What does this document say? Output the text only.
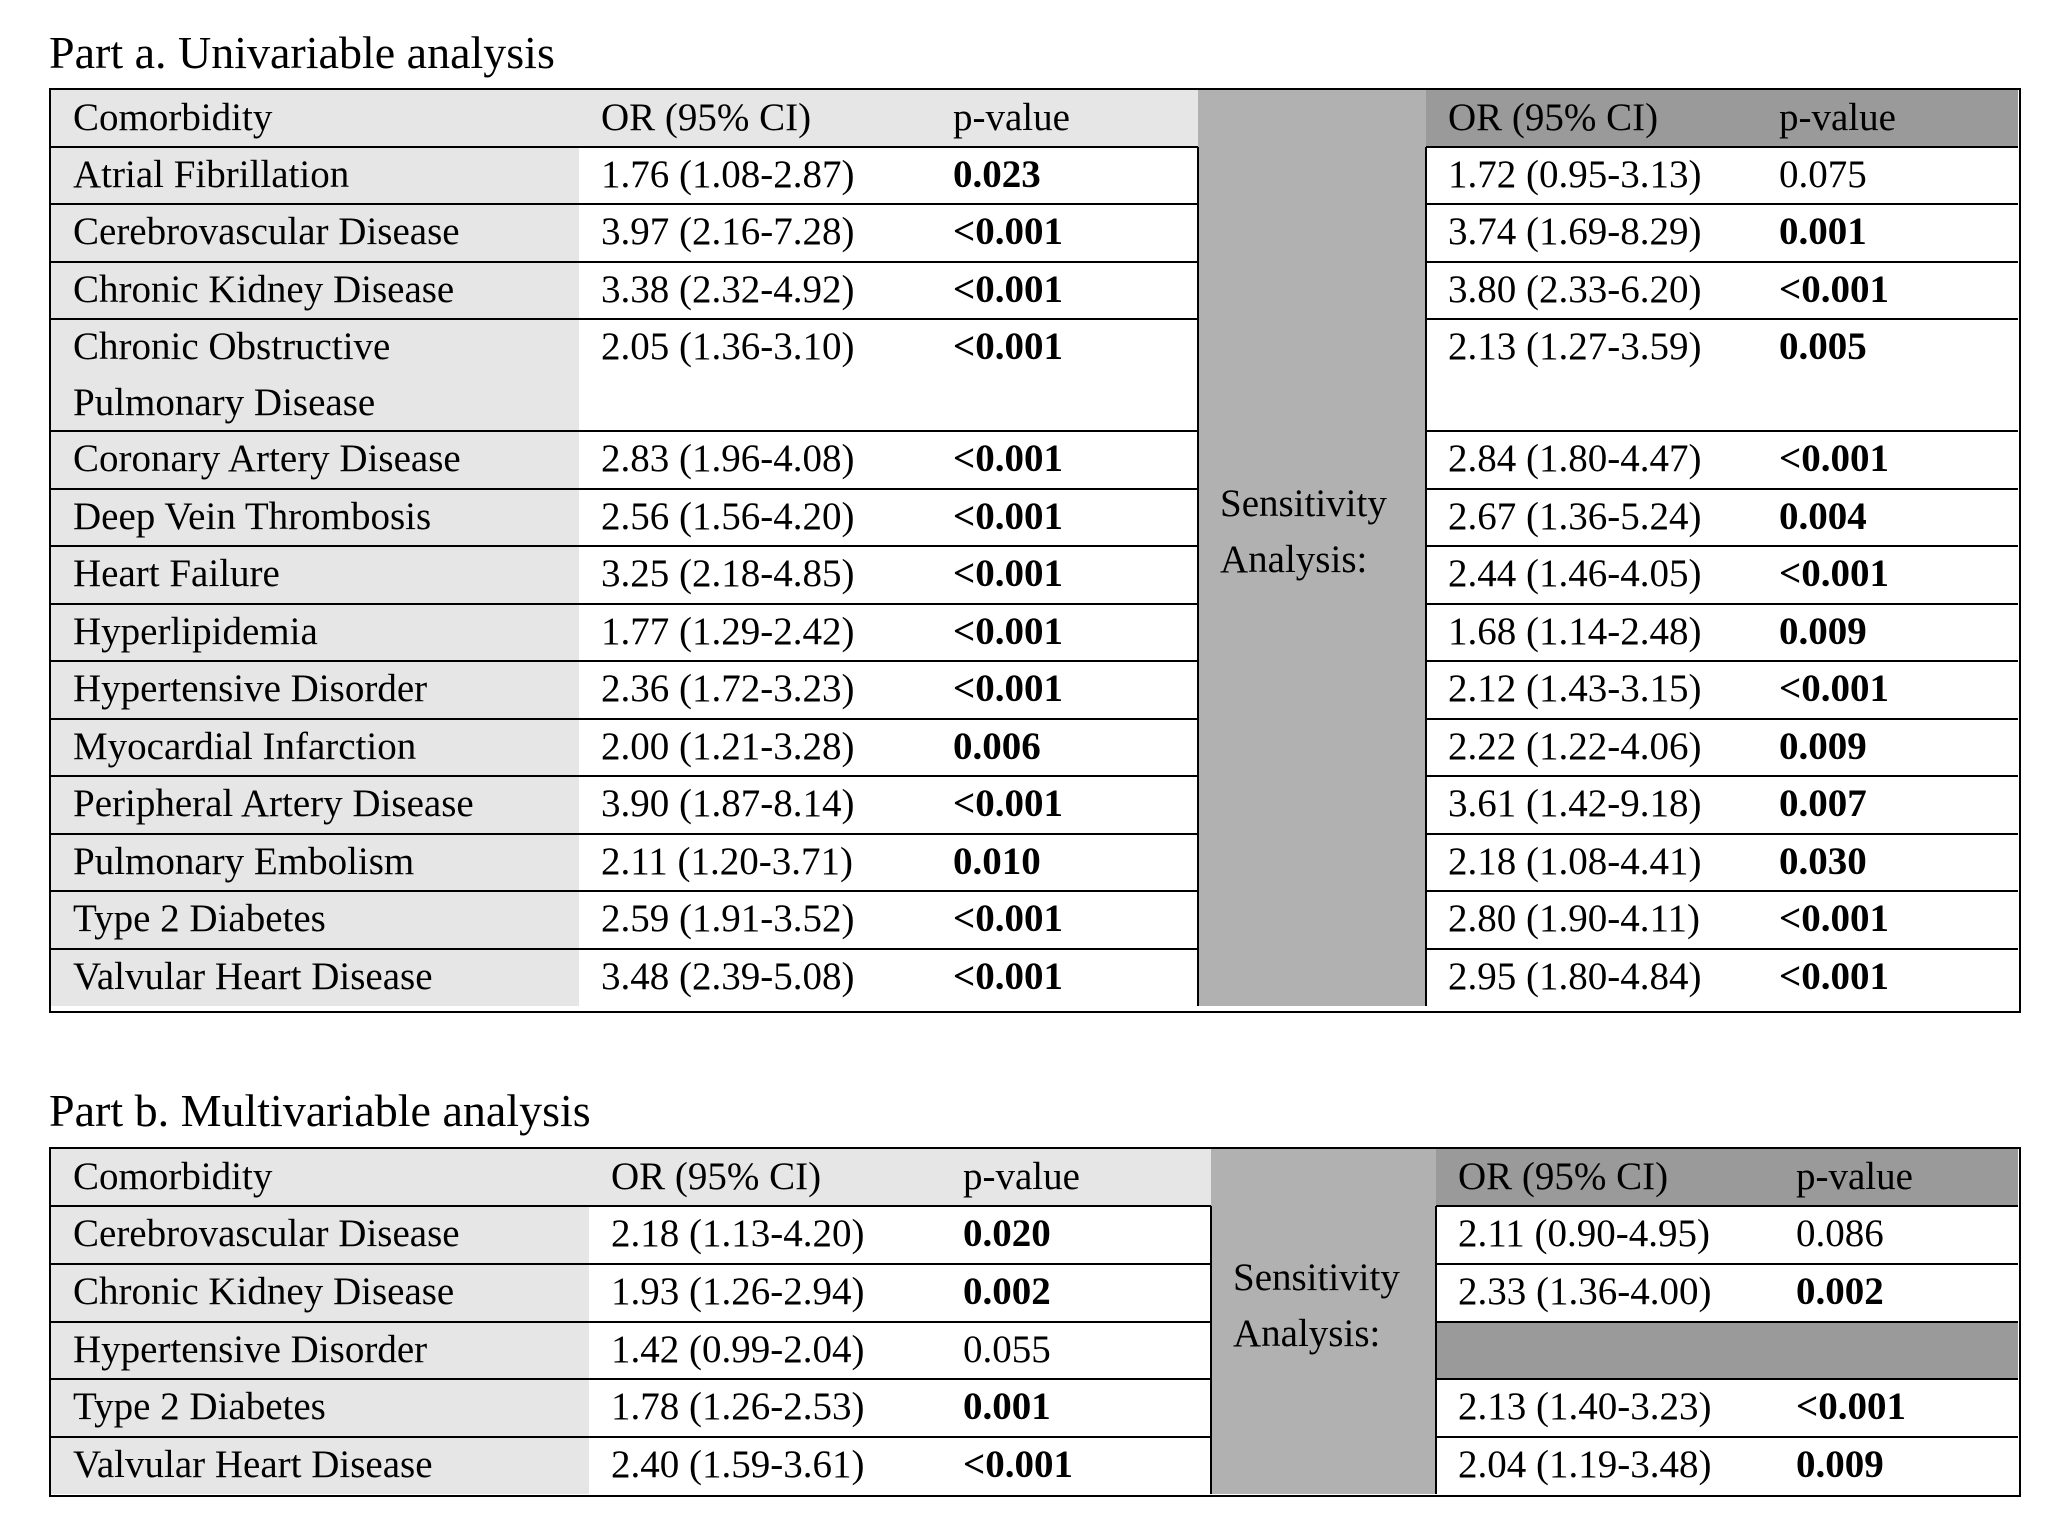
Part a. Univariable analysis
Comorbidity	OR (95% CI)	p-value	OR (95% CI)	p-value
Atrial Fibrillation	1.76 (1.08-2.87)	0.023	1.72 (0.95-3.13)	0.075
Cerebrovascular Disease	3.97 (2.16-7.28)	<0.001	3.74 (1.69-8.29)	0.001
Chronic Kidney Disease	3.38 (2.32-4.92)	<0.001	3.80 (2.33-6.20)	<0.001
Chronic Obstructive
Pulmonary Disease
2.05 (1.36-3.10)	<0.001	2.13 (1.27-3.59)	0.005
Coronary Artery Disease	2.83 (1.96-4.08)	<0.001	2.84 (1.80-4.47)	<0.001
Deep Vein Thrombosis	2.56 (1.56-4.20)	<0.001	2.67 (1.36-5.24)	0.004
Heart Failure	3.25 (2.18-4.85)	<0.001	2.44 (1.46-4.05)	<0.001
Hyperlipidemia	1.77 (1.29-2.42)	<0.001	1.68 (1.14-2.48)	0.009
Hypertensive Disorder	2.36 (1.72-3.23)	<0.001	2.12 (1.43-3.15)	<0.001
Myocardial Infarction	2.00 (1.21-3.28)	0.006	2.22 (1.22-4.06)	0.009
Peripheral Artery Disease	3.90 (1.87-8.14)	<0.001	3.61 (1.42-9.18)	0.007
Pulmonary Embolism	2.11 (1.20-3.71)	0.010	2.18 (1.08-4.41)	0.030
Type 2 Diabetes	2.59 (1.91-3.52)	<0.001	2.80 (1.90-4.11)	<0.001
Valvular Heart Disease	3.48 (2.39-5.08)	<0.001	2.95 (1.80-4.84)	<0.001
Sensitivity
Analysis:
Part b. Multivariable analysis
Comorbidity	OR (95% CI)	p-value	OR (95% CI)	p-value
Cerebrovascular Disease	2.18 (1.13-4.20)	0.020	2.11 (0.90-4.95)	0.086
Chronic Kidney Disease	1.93 (1.26-2.94)	0.002	2.33 (1.36-4.00)	0.002
Hypertensive Disorder	1.42 (0.99-2.04)	0.055
Type 2 Diabetes	1.78 (1.26-2.53)	0.001	2.13 (1.40-3.23)	<0.001
Valvular Heart Disease	2.40 (1.59-3.61)	<0.001	2.04 (1.19-3.48)	0.009
Sensitivity
Analysis:
